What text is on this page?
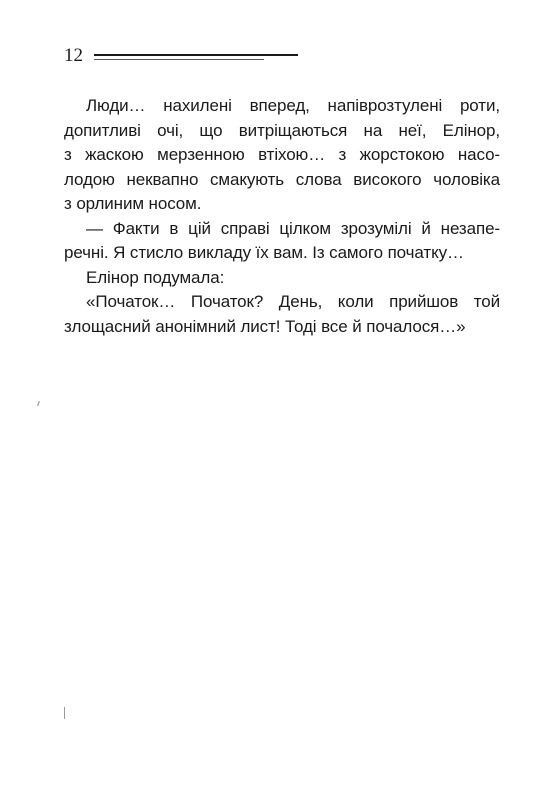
12
Люди… нахилені вперед, напіврозтулені роти,
допитливі очі, що витріщаються на неї, Елінор,
з жаскою мерзенною втіхою… з жорстокою насо-
лодою неквапно смакують слова високого чоловіка
з орлиним носом.
— Факти в цій справі цілком зрозумілі й незапе-
речні. Я стисло викладу їх вам. Із самого початку…
Елінор подумала:
«Початок… Початок? День, коли прийшов той
злощасний анонімний лист! Тоді все й почалося…»
